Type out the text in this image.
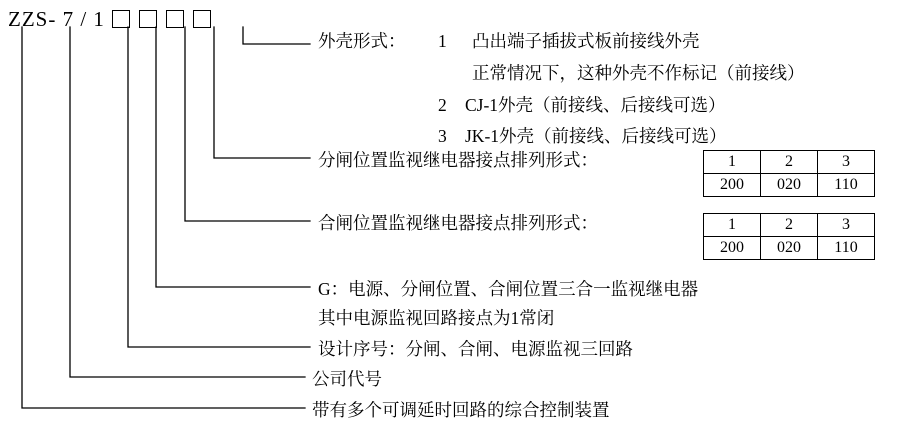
ZZS- 7 / 1
外壳形式： 1 凸出端子插拔式板前接线外壳
正常情况下，这种外壳不作标记（前接线）
2 CJ-1外壳（前接线、后接线可选）
3 JK-1外壳（前接线、后接线可选）
分闸位置监视继电器接点排列形式：	1	2	3
200	020	110
合闸位置监视继电器接点排列形式：	1	2	3
200	020	110
G：电源、分闸位置、合闸位置三合一监视继电器
其中电源监视回路接点为1常闭
设计序号：分闸、合闸、电源监视三回路
公司代号
带有多个可调延时回路的综合控制装置
